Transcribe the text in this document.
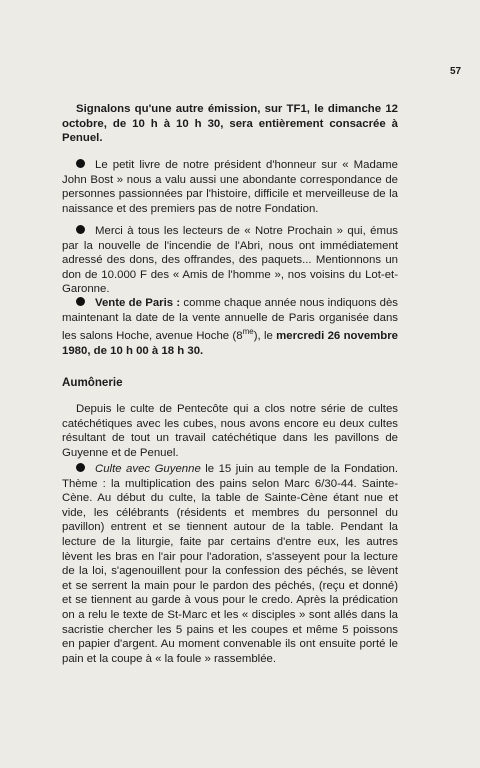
57

Signalons qu'une autre émission, sur TF1, le dimanche 12 octobre, de 10 h à 10 h 30, sera entièrement consacrée à Penuel.

Le petit livre de notre président d'honneur sur « Madame John Bost » nous a valu aussi une abondante correspondance de personnes passionnées par l'histoire, difficile et merveilleuse de la naissance et des premiers pas de notre Fondation.

Merci à tous les lecteurs de « Notre Prochain » qui, émus par la nouvelle de l'incendie de l'Abri, nous ont immédiatement adressé des dons, des offrandes, des paquets... Mentionnons un don de 10.000 F des « Amis de l'homme », nos voisins du Lot-et-Garonne.

Vente de Paris : comme chaque année nous indiquons dès maintenant la date de la vente annuelle de Paris organisée dans les salons Hoche, avenue Hoche $(8^{me})$, le mercredi 26 novembre 1980, de 10 h 00 à 18 h 30.

Aumônerie

Depuis le culte de Pentecôte qui a clos notre série de cultes catéchétiques avec les cubes, nous avons encore eu deux cultes résultant de tout un travail catéchétique dans les pavillons de Guyenne et de Penuel.

Culte avec Guyenne le 15 juin au temple de la Fondation. Thème : la multiplication des pains selon Marc 6/30-44. Sainte-Cène. Au début du culte, la table de Sainte-Cène étant nue et vide, les célébrants (résidents et membres du personnel du pavillon) entrent et se tiennent autour de la table. Pendant la lecture de la liturgie, faite par certains d'entre eux, les autres lèvent les bras en l'air pour l'adoration, s'asseyent pour la lecture de la loi, s'agenouillent pour la confession des péchés, se lèvent et se serrent la main pour le pardon des péchés, (reçu et donné) et se tiennent au garde à vous pour le credo. Après la prédication on a relu le texte de St-Marc et les « disciples » sont allés dans la sacristie chercher les 5 pains et les coupes et même 5 poissons en papier d'argent. Au moment convenable ils ont ensuite porté le pain et la coupe à « la foule » rassemblée.
